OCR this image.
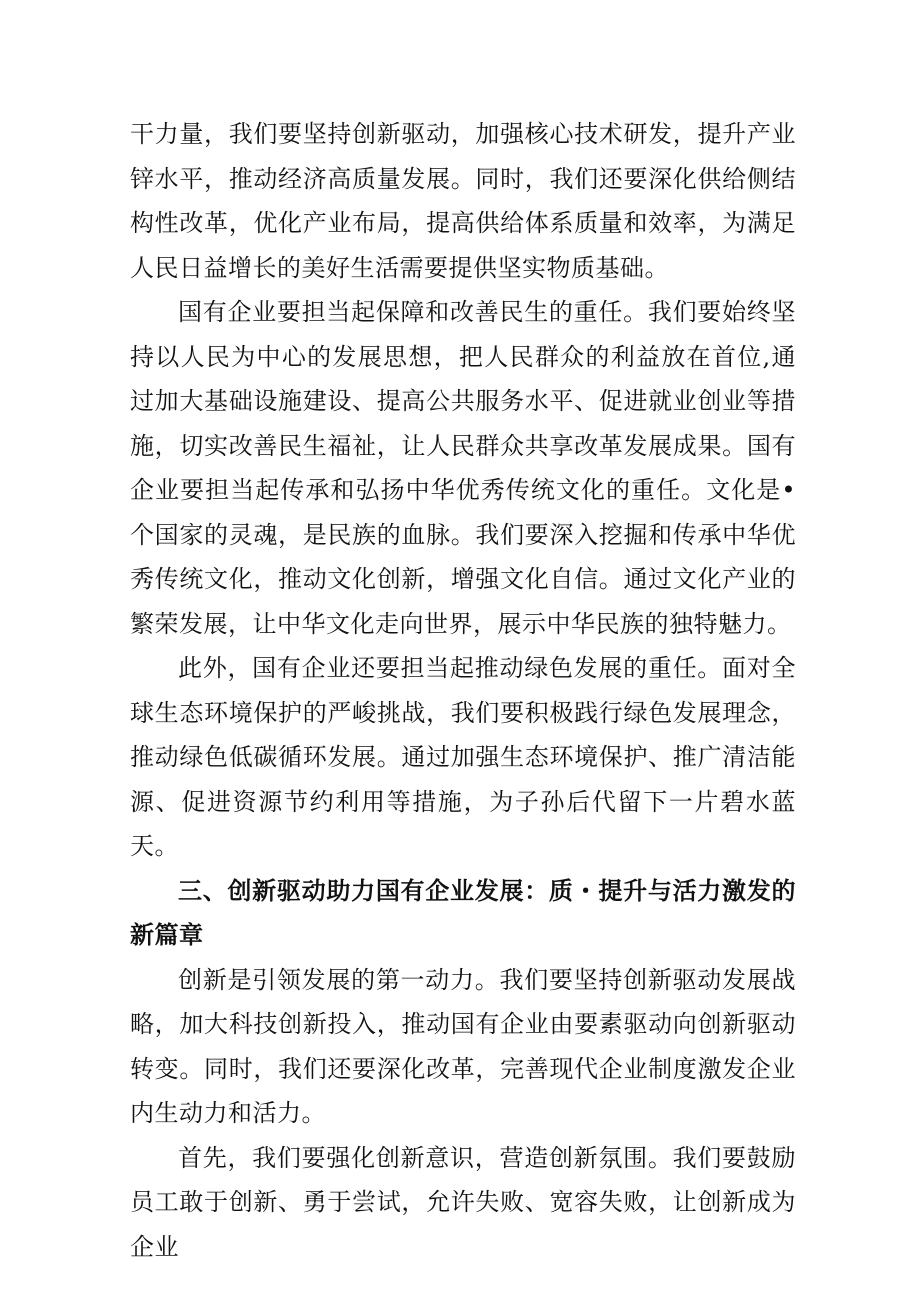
干力量，我们要坚持创新驱动，加强核心技术研发，提升产业锌水平，推动经济高质量发展。同时，我们还要深化供给侧结构性改革，优化产业布局，提高供给体系质量和效率，为满足人民日益增长的美好生活需要提供坚实物质基础。

国有企业要担当起保障和改善民生的重任。我们要始终坚持以人民为中心的发展思想，把人民群众的利益放在首位,通过加大基础设施建设、提高公共服务水平、促进就业创业等措施，切实改善民生福祉，让人民群众共享改革发展成果。国有企业要担当起传承和弘扬中华优秀传统文化的重任。文化是•个国家的灵魂，是民族的血脉。我们要深入挖掘和传承中华优秀传统文化，推动文化创新，增强文化自信。通过文化产业的繁荣发展，让中华文化走向世界，展示中华民族的独特魅力。

此外，国有企业还要担当起推动绿色发展的重任。面对全球生态环境保护的严峻挑战，我们要积极践行绿色发展理念，推动绿色低碳循环发展。通过加强生态环境保护、推广清洁能源、促进资源节约利用等措施，为子孙后代留下一片碧水蓝天。

三、创新驱动助力国有企业发展：质・提升与活力激发的新篇章

创新是引领发展的第一动力。我们要坚持创新驱动发展战略，加大科技创新投入，推动国有企业由要素驱动向创新驱动转变。同时，我们还要深化改革，完善现代企业制度激发企业内生动力和活力。

首先，我们要强化创新意识，营造创新氛围。我们要鼓励员工敢于创新、勇于尝试，允许失败、宽容失败，让创新成为企业
